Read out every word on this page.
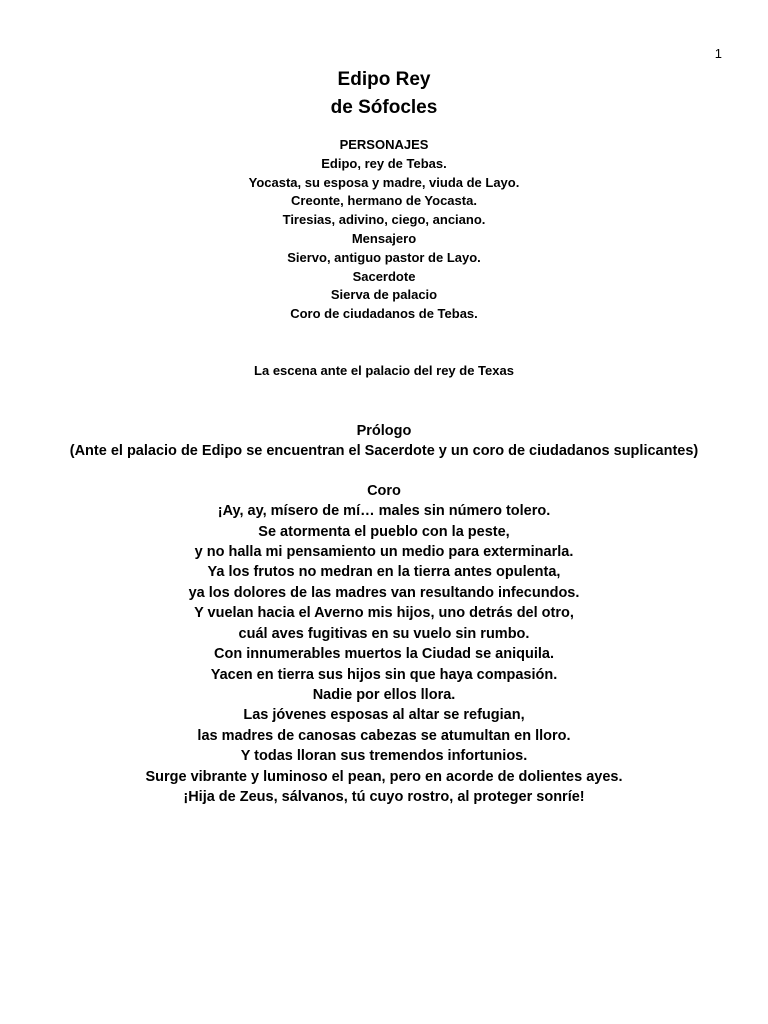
1
Edipo Rey
de Sófocles
PERSONAJES
Edipo, rey de Tebas.
Yocasta, su esposa y madre, viuda de Layo.
Creonte, hermano de Yocasta.
Tiresias, adivino, ciego, anciano.
Mensajero
Siervo, antiguo pastor de Layo.
Sacerdote
Sierva de palacio
Coro de ciudadanos de Tebas.
La escena ante el palacio del rey de Texas
Prólogo
(Ante el palacio de Edipo se encuentran el Sacerdote y un coro de ciudadanos suplicantes)
Coro
¡Ay, ay, mísero de mí… males sin número tolero.
Se atormenta el pueblo con la peste,
y no halla mi pensamiento un medio para exterminarla.
Ya los frutos no medran en la tierra antes opulenta,
ya los dolores de las madres van resultando infecundos.
Y vuelan hacia el Averno mis hijos, uno detrás del otro,
cuál aves fugitivas en su vuelo sin rumbo.
Con innumerables muertos la Ciudad se aniquila.
Yacen en tierra sus hijos sin que haya compasión.
Nadie por ellos llora.
Las jóvenes esposas al altar se refugian,
las madres de canosas cabezas se atumultan en lloro.
Y todas lloran sus tremendos infortunios.
Surge vibrante y luminoso el pean, pero en acorde de dolientes ayes.
¡Hija de Zeus, sálvanos, tú cuyo rostro, al proteger sonríe!
